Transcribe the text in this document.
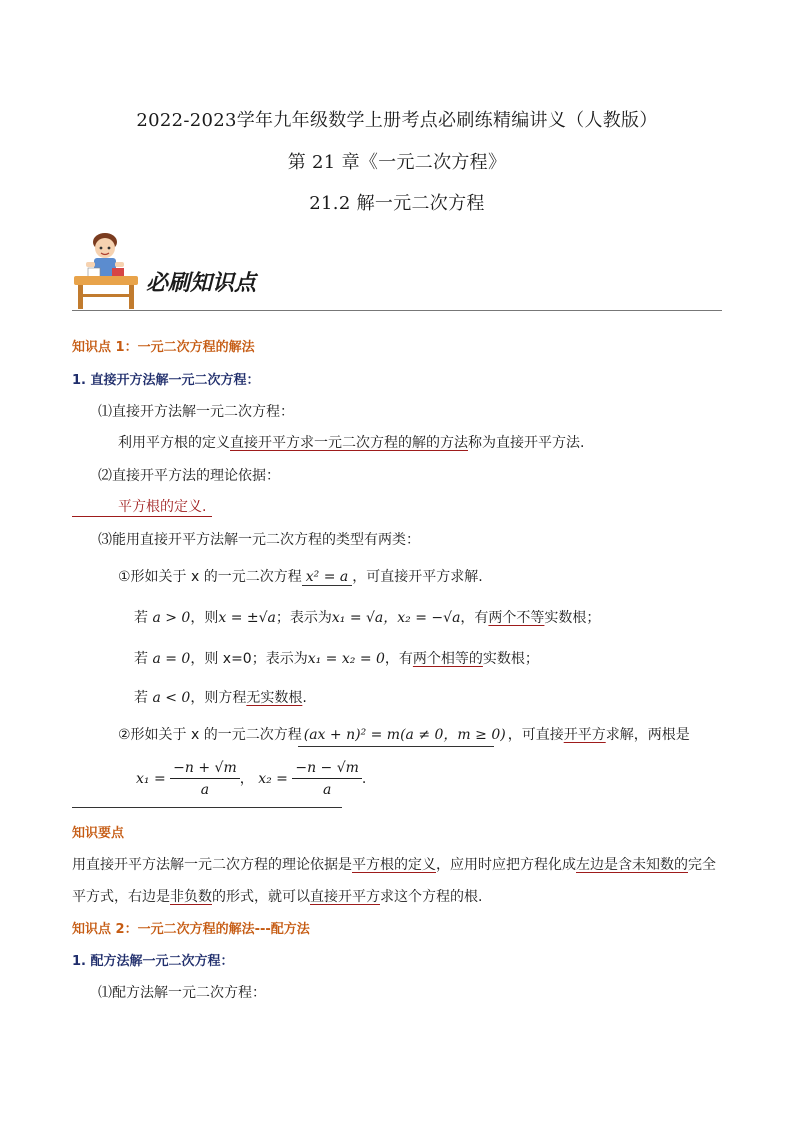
2022-2023学年九年级数学上册考点必刷练精编讲义（人教版）
第 21 章《一元二次方程》
21.2 解一元二次方程
必刷知识点
知识点 1：一元二次方程的解法
1. 直接开方法解一元二次方程：
⑴直接开方法解一元二次方程：
利用平方根的定义直接开平方求一元二次方程的解的方法称为直接开平方法.
⑵直接开平方法的理论依据：
平方根的定义.
⑶能用直接开平方法解一元二次方程的类型有两类：
①形如关于 x 的一元二次方程 x² = a ，可直接开平方求解.
若 a > 0，则x = ±√a；表示为x₁ = √a，x₂ = −√a，有两个不等实数根；
若 a = 0，则 x=0；表示为x₁ = x₂ = 0，有两个相等的实数根；
若 a < 0，则方程无实数根.
②形如关于 x 的一元二次方程 (ax + n)² = m(a ≠ 0，m ≥ 0) ，可直接开平方求解，两根是
$x_1 = \frac{-n + √m}{a}$ ， $x_2 = \frac{-n - √m}{a}$ .
知识要点
用直接开平方法解一元二次方程的理论依据是平方根的定义，应用时应把方程化成左边是含未知数的完全
平方式，右边是非负数的形式，就可以直接开平方求这个方程的根.
知识点 2：一元二次方程的解法---配方法
1. 配方法解一元二次方程：
⑴配方法解一元二次方程：
